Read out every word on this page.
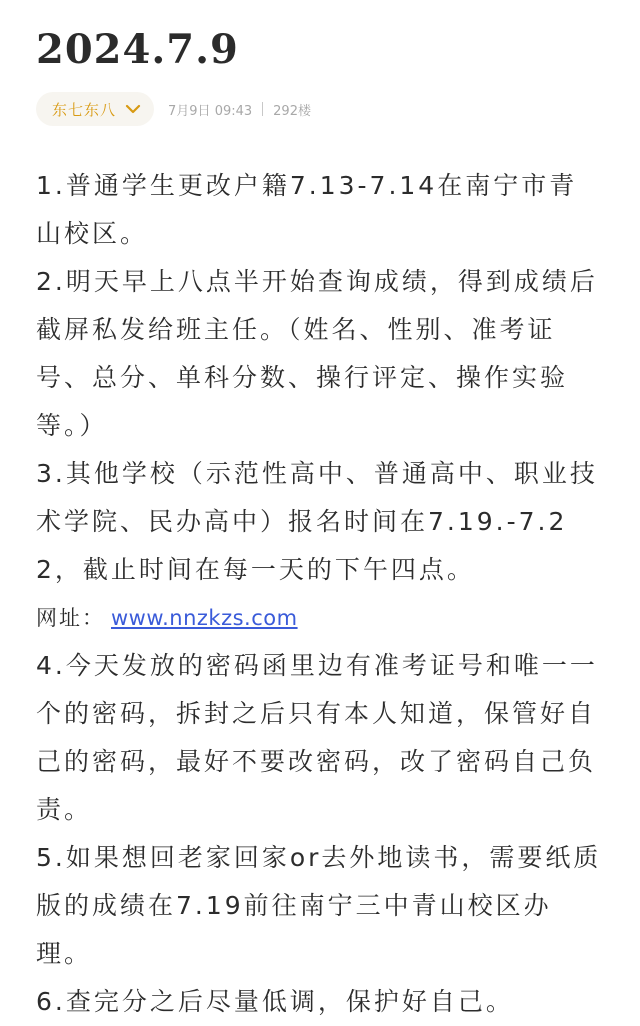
2024.7.9
东七东八	7月9日 09:43 292楼

1.普通学生更改户籍7.13-7.14在南宁市青山校区。

2.明天早上八点半开始查询成绩，得到成绩后截屏私发给班主任。（姓名、性别、准考证号、总分、单科分数、操行评定、操作实验等。）

3.其他学校（示范性高中、普通高中、职业技术学院、民办高中）报名时间在7.19.-7.22，截止时间在每一天的下午四点。

网址： www.nnzkzs.com

4.今天发放的密码函里边有准考证号和唯一一个的密码，拆封之后只有本人知道，保管好自己的密码，最好不要改密码，改了密码自己负责。

5.如果想回老家回家or去外地读书，需要纸质版的成绩在7.19前往南宁三中青山校区办理。

6.查完分之后尽量低调，保护好自己。
